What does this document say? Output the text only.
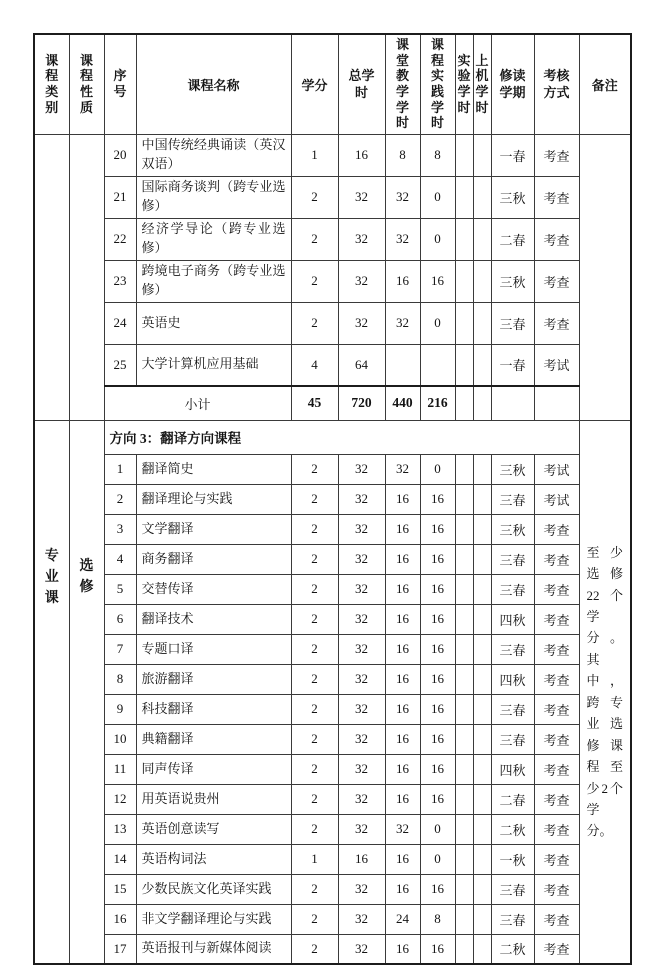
课程类别	课程性质	序号	课程名称	学分	总学时	课堂教学学时	课程实践学时	实验学时	上机学时	修读学期	考核方式	备注
		20	中国传统经典诵读（英汉双语）	1	16	8	8			一春	考查	
		21	国际商务谈判（跨专业选修）	2	32	32	0			三秋	考查	
		22	经济学导论（跨专业选修）	2	32	32	0			二春	考查	
		23	跨境电子商务（跨专业选修）	2	32	16	16			三秋	考查	
		24	英语史	2	32	32	0			三春	考查	
		25	大学计算机应用基础	4	64					一春	考试	
		小计		45	720	440	216					
专业课	选修	方向 3：翻译方向课程										至少选修22个学分。其中，跨专业选修课程至少2个学分。
		1	翻译简史	2	32	32	0			三秋	考试	
		2	翻译理论与实践	2	32	16	16			三春	考试	
		3	文学翻译	2	32	16	16			三秋	考查	
		4	商务翻译	2	32	16	16			三春	考查	
		5	交替传译	2	32	16	16			三春	考查	
		6	翻译技术	2	32	16	16			四秋	考查	
		7	专题口译	2	32	16	16			三春	考查	
		8	旅游翻译	2	32	16	16			四秋	考查	
		9	科技翻译	2	32	16	16			三春	考查	
		10	典籍翻译	2	32	16	16			三春	考查	
		11	同声传译	2	32	16	16			四秋	考查	
		12	用英语说贵州	2	32	16	16			二春	考查	
		13	英语创意读写	2	32	32	0			二秋	考查	
		14	英语构词法	1	16	16	0			一秋	考查	
		15	少数民族文化英译实践	2	32	16	16			三春	考查	
		16	非文学翻译理论与实践	2	32	24	8			三春	考查	
		17	英语报刊与新媒体阅读	2	32	16	16			二秋	考查	
